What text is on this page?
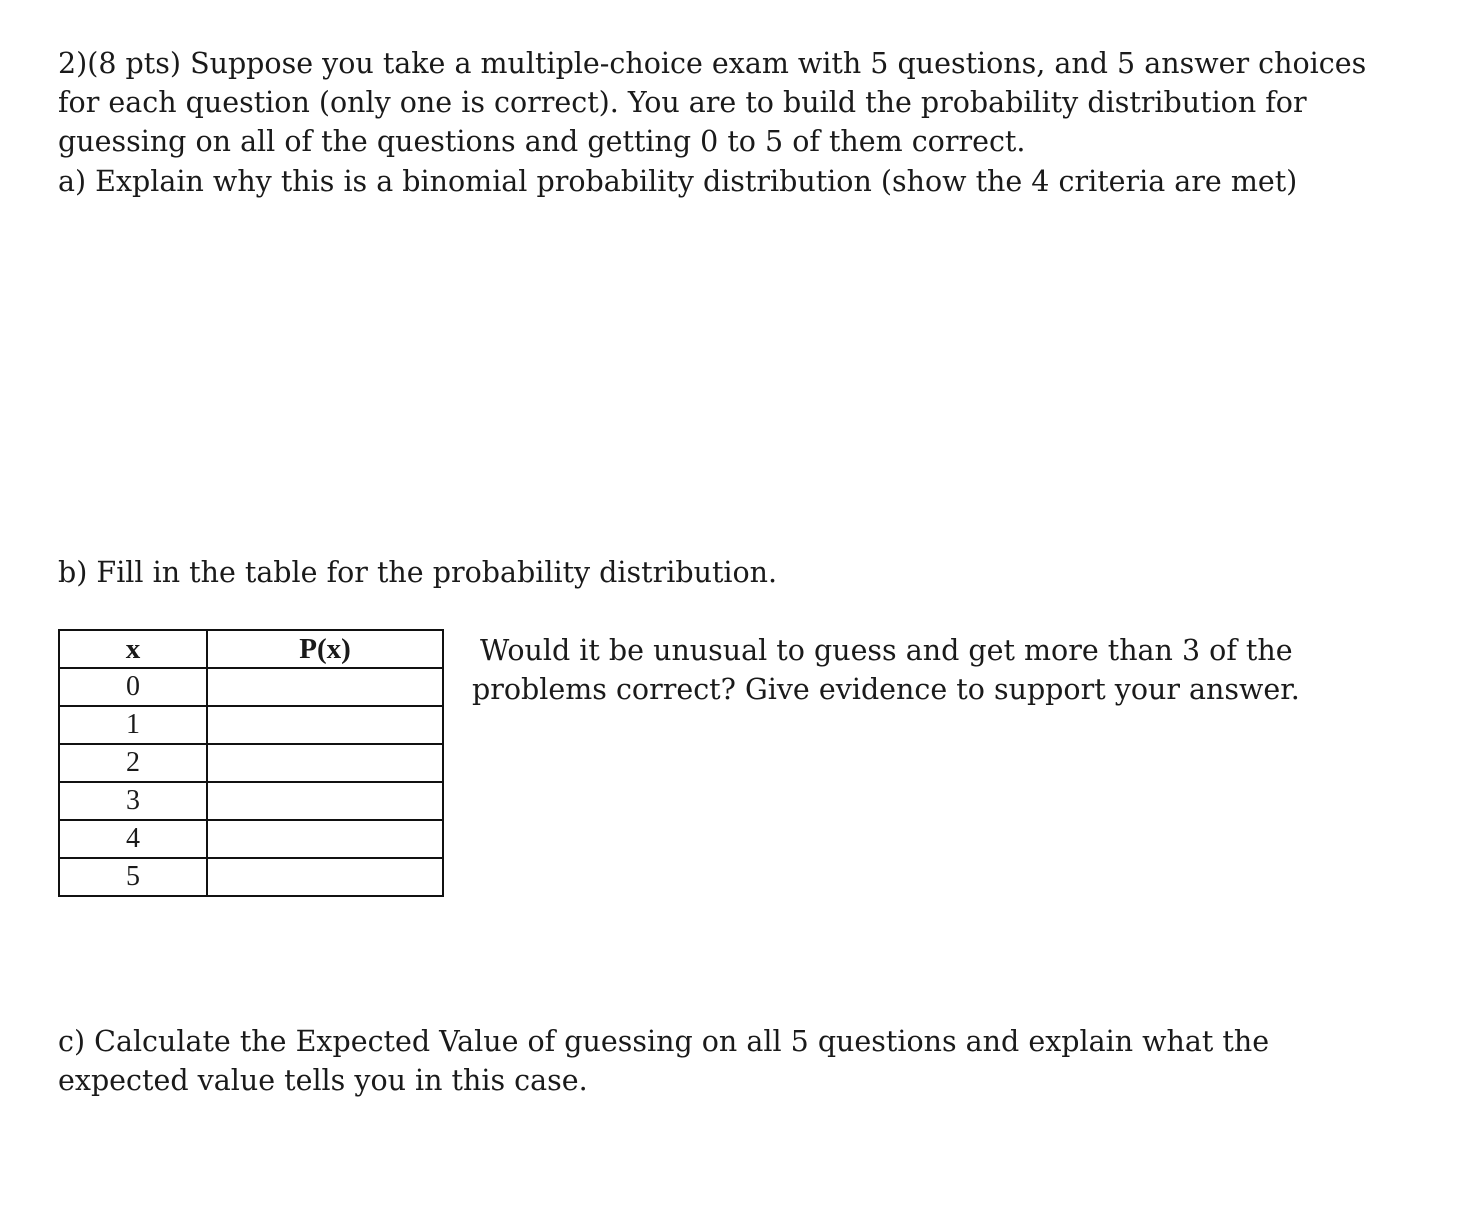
2)(8 pts) Suppose you take a multiple-choice exam with 5 questions, and 5 answer choices
for each question (only one is correct). You are to build the probability distribution for
guessing on all of the questions and getting 0 to 5 of them correct.
a) Explain why this is a binomial probability distribution (show the 4 criteria are met)
b) Fill in the table for the probability distribution.
x	P(x)
0	
1	
2	
3	
4	
5	
Would it be unusual to guess and get more than 3 of the
problems correct? Give evidence to support your answer.
c) Calculate the Expected Value of guessing on all 5 questions and explain what the
expected value tells you in this case.
